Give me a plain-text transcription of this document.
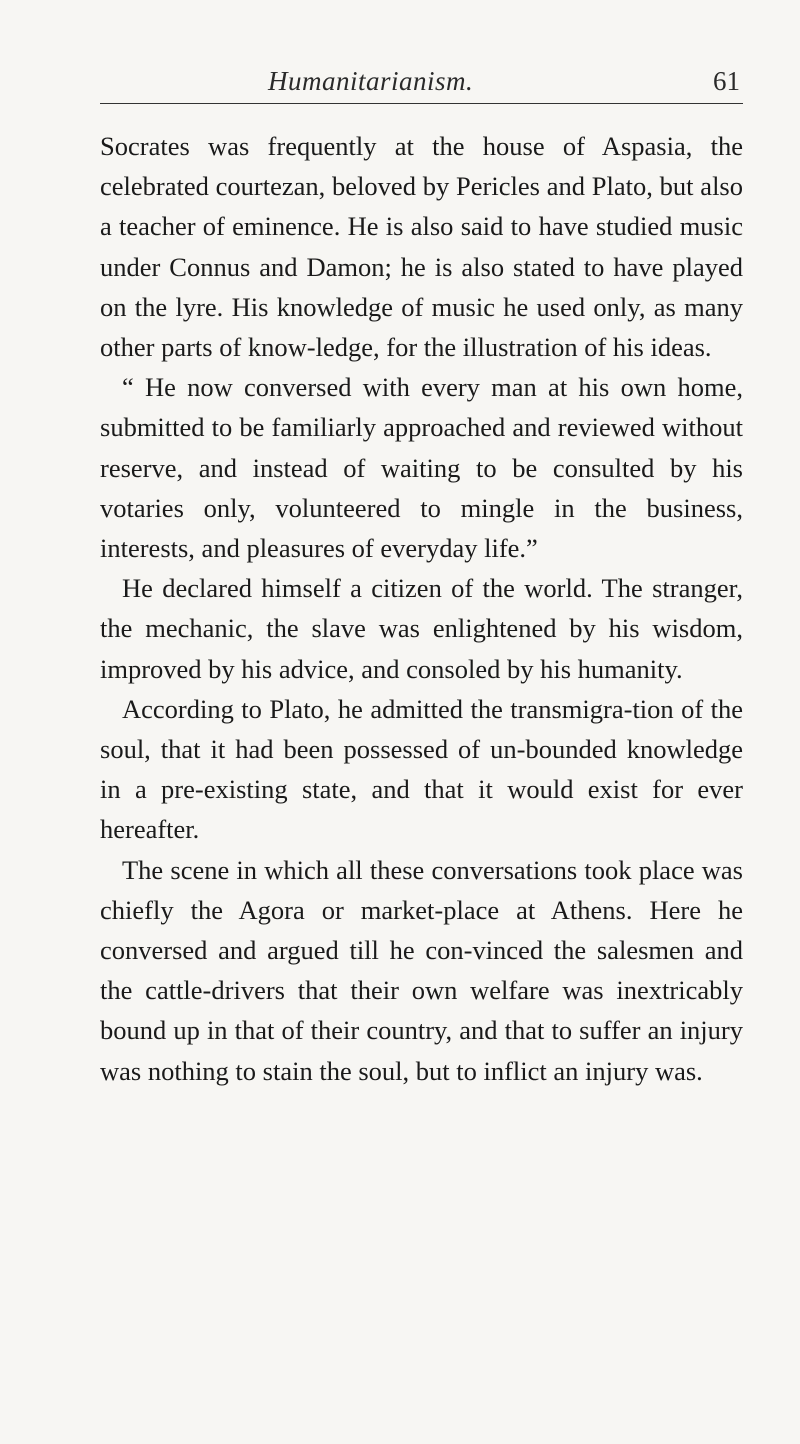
Humanitarianism.	61

Socrates was frequently at the house of Aspasia, the celebrated courtezan, beloved by Pericles and Plato, but also a teacher of eminence. He is also said to have studied music under Connus and Damon; he is also stated to have played on the lyre. His knowledge of music he used only, as many other parts of know-ledge, for the illustration of his ideas.

“ He now conversed with every man at his own home, submitted to be familiarly approached and reviewed without reserve, and instead of waiting to be consulted by his votaries only, volunteered to mingle in the business, interests, and pleasures of everyday life.”

He declared himself a citizen of the world. The stranger, the mechanic, the slave was enlightened by his wisdom, improved by his advice, and consoled by his humanity.

According to Plato, he admitted the transmigra-tion of the soul, that it had been possessed of un-bounded knowledge in a pre-existing state, and that it would exist for ever hereafter.

The scene in which all these conversations took place was chiefly the Agora or market-place at Athens. Here he conversed and argued till he con-vinced the salesmen and the cattle-drivers that their own welfare was inextricably bound up in that of their country, and that to suffer an injury was nothing to stain the soul, but to inflict an injury was.
